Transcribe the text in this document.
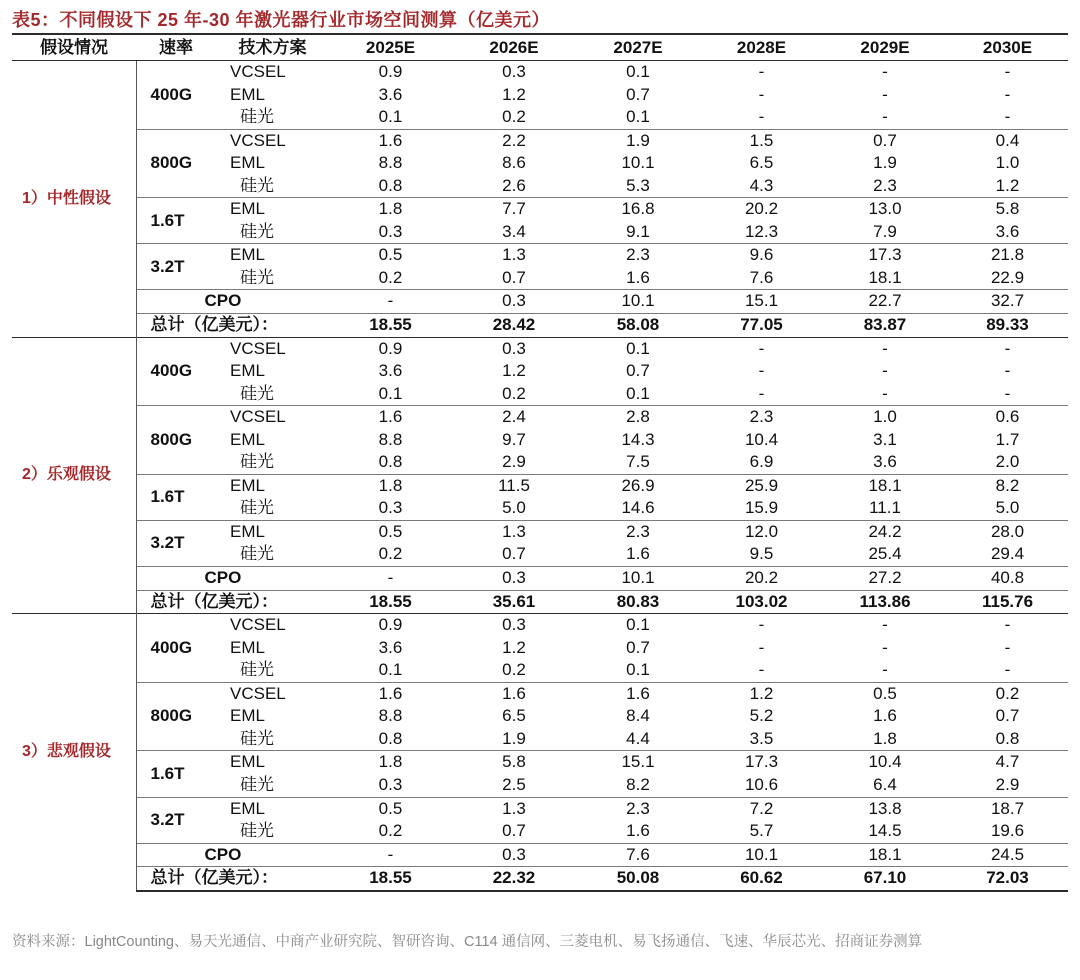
表5：不同假设下 25 年-30 年激光器行业市场空间测算（亿美元）
假设情况	速率	技术方案	2025E	2026E	2027E	2028E	2029E	2030E
1）中性假设	400G	VCSEL	0.9	0.3	0.1	-	-	-
		EML	3.6	1.2	0.7	-	-	-
		硅光	0.1	0.2	0.1	-	-	-
	800G	VCSEL	1.6	2.2	1.9	1.5	0.7	0.4
		EML	8.8	8.6	10.1	6.5	1.9	1.0
		硅光	0.8	2.6	5.3	4.3	2.3	1.2
	1.6T	EML	1.8	7.7	16.8	20.2	13.0	5.8
		硅光	0.3	3.4	9.1	12.3	7.9	3.6
	3.2T	EML	0.5	1.3	2.3	9.6	17.3	21.8
		硅光	0.2	0.7	1.6	7.6	18.1	22.9
	CPO		-	0.3	10.1	15.1	22.7	32.7
	总计（亿美元）：		18.55	28.42	58.08	77.05	83.87	89.33
2）乐观假设	400G	VCSEL	0.9	0.3	0.1	-	-	-
		EML	3.6	1.2	0.7	-	-	-
		硅光	0.1	0.2	0.1	-	-	-
	800G	VCSEL	1.6	2.4	2.8	2.3	1.0	0.6
		EML	8.8	9.7	14.3	10.4	3.1	1.7
		硅光	0.8	2.9	7.5	6.9	3.6	2.0
	1.6T	EML	1.8	11.5	26.9	25.9	18.1	8.2
		硅光	0.3	5.0	14.6	15.9	11.1	5.0
	3.2T	EML	0.5	1.3	2.3	12.0	24.2	28.0
		硅光	0.2	0.7	1.6	9.5	25.4	29.4
	CPO		-	0.3	10.1	20.2	27.2	40.8
	总计（亿美元）：		18.55	35.61	80.83	103.02	113.86	115.76
3）悲观假设	400G	VCSEL	0.9	0.3	0.1	-	-	-
		EML	3.6	1.2	0.7	-	-	-
		硅光	0.1	0.2	0.1	-	-	-
	800G	VCSEL	1.6	1.6	1.6	1.2	0.5	0.2
		EML	8.8	6.5	8.4	5.2	1.6	0.7
		硅光	0.8	1.9	4.4	3.5	1.8	0.8
	1.6T	EML	1.8	5.8	15.1	17.3	10.4	4.7
		硅光	0.3	2.5	8.2	10.6	6.4	2.9
	3.2T	EML	0.5	1.3	2.3	7.2	13.8	18.7
		硅光	0.2	0.7	1.6	5.7	14.5	19.6
	CPO		-	0.3	7.6	10.1	18.1	24.5
	总计（亿美元）：		18.55	22.32	50.08	60.62	67.10	72.03
资料来源：LightCounting、易天光通信、中商产业研究院、智研咨询、C114 通信网、三菱电机、易飞扬通信、飞速、华辰芯光、招商证券测算
